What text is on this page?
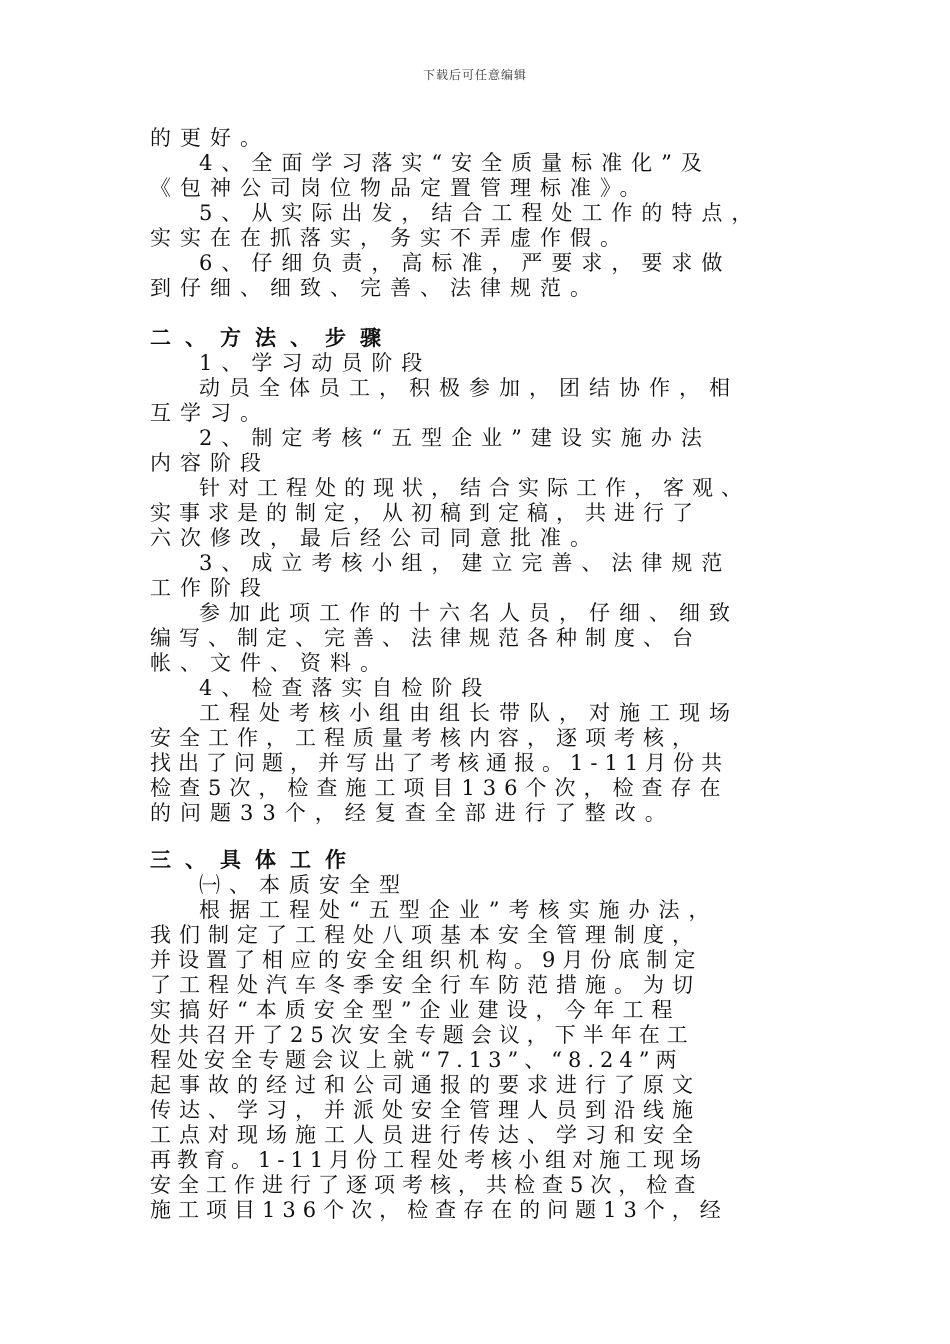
下载后可任意编辑
的更好。
4、全面学习落实“安全质量标准化”及
《包神公司岗位物品定置管理标准》。
5、从实际出发，结合工程处工作的特点，
实实在在抓落实，务实不弄虚作假。
6、仔细负责，高标准，严要求，要求做
到仔细、细致、完善、法律规范。
二、方法、步骤
1、学习动员阶段
动员全体员工，积极参加，团结协作，相
互学习。
2、制定考核“五型企业”建设实施办法
内容阶段
针对工程处的现状，结合实际工作，客观、
实事求是的制定，从初稿到定稿，共进行了
六次修改，最后经公司同意批准。
3、成立考核小组，建立完善、法律规范
工作阶段
参加此项工作的十六名人员，仔细、细致
编写、制定、完善、法律规范各种制度、台
帐、文件、资料。
4、检查落实自检阶段
工程处考核小组由组长带队，对施工现场
安全工作，工程质量考核内容，逐项考核，
找出了问题，并写出了考核通报。1-11月份共
检查5次，检查施工项目136个次，检查存在
的问题33个，经复查全部进行了整改。
三、具体工作
㈠、本质安全型
根据工程处“五型企业”考核实施办法，
我们制定了工程处八项基本安全管理制度，
并设置了相应的安全组织机构。9月份底制定
了工程处汽车冬季安全行车防范措施。为切
实搞好“本质安全型”企业建设，今年工程
处共召开了25次安全专题会议，下半年在工
程处安全专题会议上就“7.13”、“8.24”两
起事故的经过和公司通报的要求进行了原文
传达、学习，并派处安全管理人员到沿线施
工点对现场施工人员进行传达、学习和安全
再教育。1-11月份工程处考核小组对施工现场
安全工作进行了逐项考核，共检查5次，检查
施工项目136个次，检查存在的问题13个，经
